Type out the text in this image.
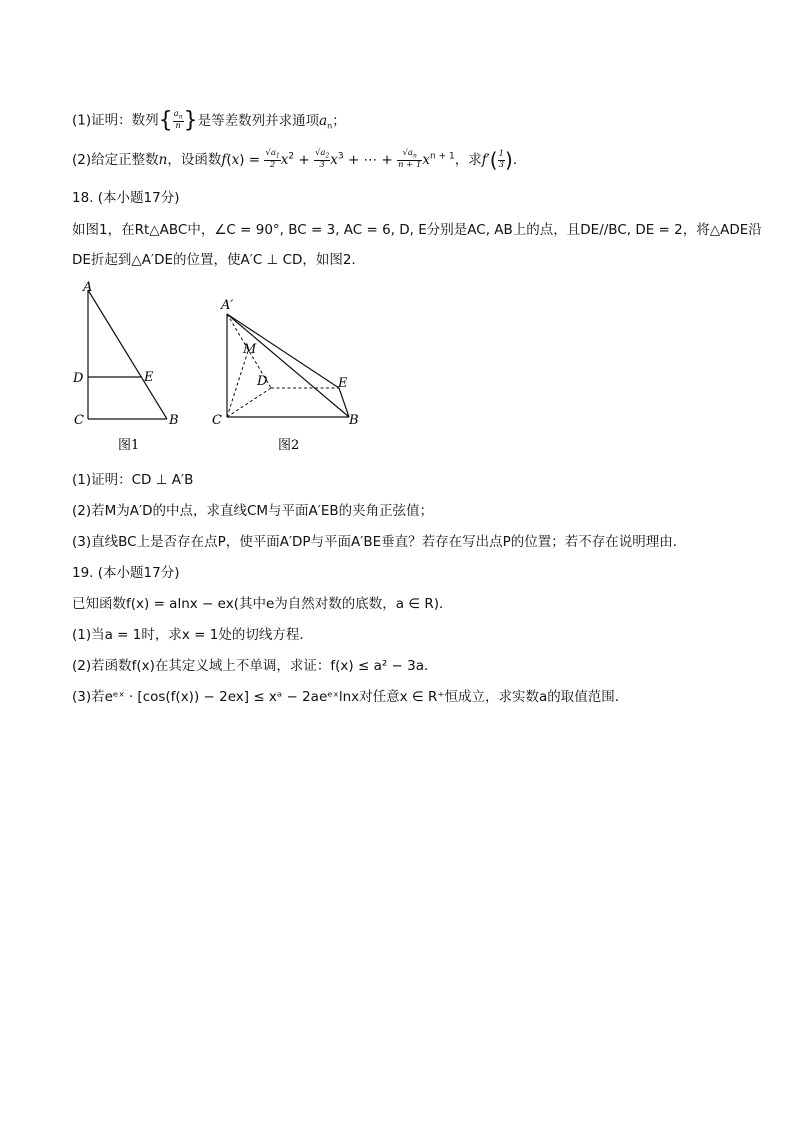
(1)证明：数列{ $\frac{a_n}{n}$ }是等差数列并求通项$a_n$；
(2)给定正整数n，设函数$f(x) = \frac{√a_1}{2} x^2 + \frac{√a_2}{3} x^3$ + ⋯ + $\frac{√a_n}{n + 1} x^{n + 1}$，求$f'( \frac{1}{3}$ )．
18. (本小题17分)
如图1，在Rt△ABC中，∠C = 90°, BC = 3, AC = 6, D, E分别是AC, AB上的点，且DE//BC, DE = 2，将△ADE沿
DE折起到△A′DE的位置，使A′C ⊥ CD，如图2．
A
D	E
C	B
图1
A′
M
D	E
C	B
图2
(1)证明：CD ⊥ A′B
(2)若M为A′D的中点，求直线CM与平面A′EB的夹角正弦值；
(3)直线BC上是否存在点P，使平面A′DP与平面A′BE垂直？若存在写出点P的位置；若不存在说明理由．
19. (本小题17分)
已知函数f(x) = alnx − ex(其中e为自然对数的底数，a ∈ R)．
(1)当a = 1时，求x = 1处的切线方程．
(2)若函数f(x)在其定义域上不单调，求证：f(x) ≤ a² − 3a．
(3)若eᵉˣ · [cos(f(x)) − 2ex] ≤ xᵃ − 2aeᵉˣlnx对任意x ∈ R⁺恒成立，求实数a的取值范围．
